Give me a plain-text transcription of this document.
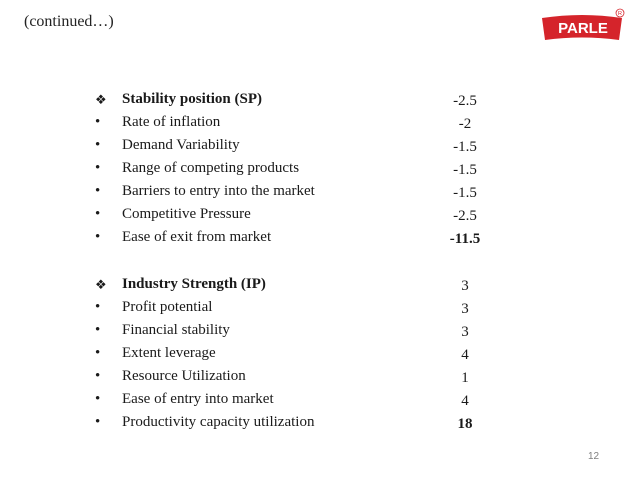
(continued…)	PARLE
R
❖	Stability position (SP)	-2.5
•	Rate of inflation	-2
•	Demand Variability	-1.5
•	Range of competing products	-1.5
•	Barriers to entry into the market	-1.5
•	Competitive Pressure	-2.5
•	Ease of exit from market	-11.5
❖	Industry Strength (IP)	3
•	Profit potential	3
•	Financial stability	3
•	Extent leverage	4
•	Resource Utilization	1
•	Ease of entry into market	4
•	Productivity capacity utilization	18
12
